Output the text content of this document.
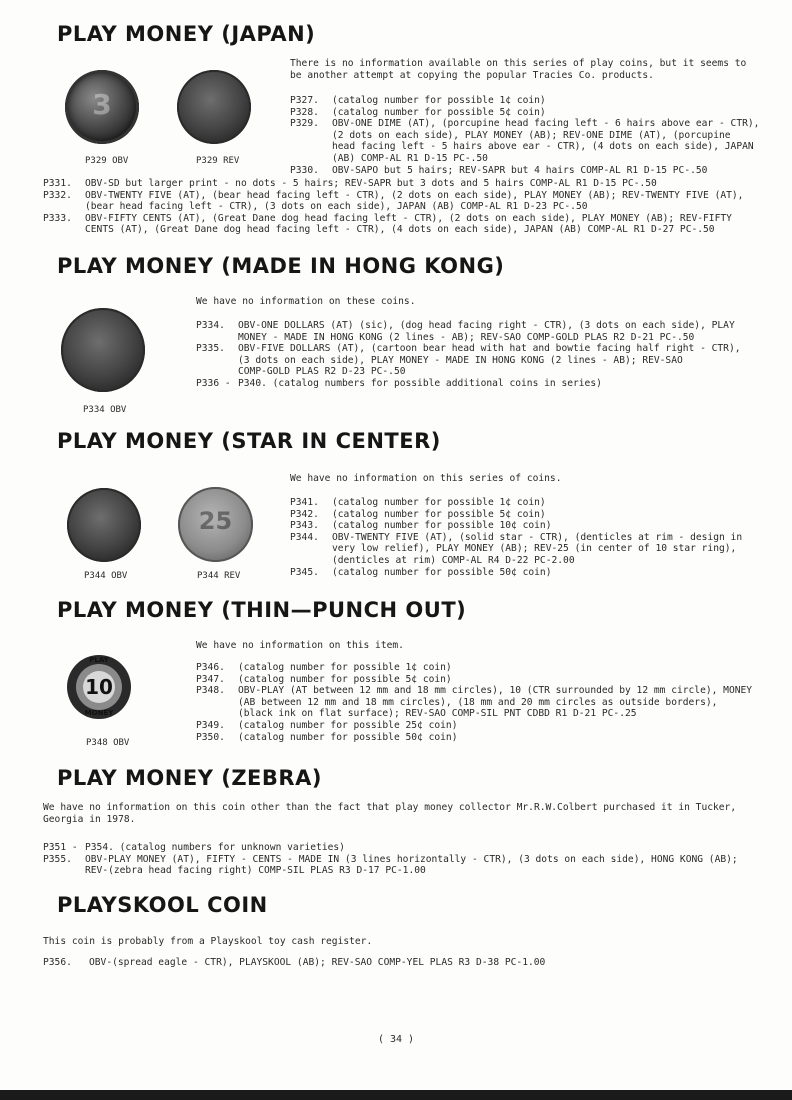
PLAY MONEY (JAPAN)
3
P329 OBV	P329 REV
There is no information available on this series of play coins, but it seems to
be another attempt at copying the popular Tracies Co. products.
P327. (catalog number for possible 1¢ coin)
P328. (catalog number for possible 5¢ coin)
P329. OBV-ONE DIME (AT), (porcupine head facing left - 6 hairs above ear - CTR),
(2 dots on each side), PLAY MONEY (AB); REV-ONE DIME (AT), (porcupine
head facing left - 5 hairs above ear - CTR), (4 dots on each side), JAPAN
(AB) COMP-AL R1 D-15 PC-.50
P330. OBV-SAPO but 5 hairs; REV-SAPR but 4 hairs COMP-AL R1 D-15 PC-.50
P331. OBV-SD but larger print - no dots - 5 hairs; REV-SAPR but 3 dots and 5 hairs COMP-AL R1 D-15 PC-.50
P332. OBV-TWENTY FIVE (AT), (bear head facing left - CTR), (2 dots on each side), PLAY MONEY (AB); REV-TWENTY FIVE (AT),
(bear head facing left - CTR), (3 dots on each side), JAPAN (AB) COMP-AL R1 D-23 PC-.50
P333. OBV-FIFTY CENTS (AT), (Great Dane dog head facing left - CTR), (2 dots on each side), PLAY MONEY (AB); REV-FIFTY
CENTS (AT), (Great Dane dog head facing left - CTR), (4 dots on each side), JAPAN (AB) COMP-AL R1 D-27 PC-.50
PLAY MONEY (MADE IN HONG KONG)
P334 OBV
We have no information on these coins.
P334. OBV-ONE DOLLARS (AT) (sic), (dog head facing right - CTR), (3 dots on each side), PLAY
MONEY - MADE IN HONG KONG (2 lines - AB); REV-SAO COMP-GOLD PLAS R2 D-21 PC-.50
P335. OBV-FIVE DOLLARS (AT), (cartoon bear head with hat and bowtie facing half right - CTR),
(3 dots on each side), PLAY MONEY - MADE IN HONG KONG (2 lines - AB); REV-SAO
COMP-GOLD PLAS R2 D-23 PC-.50
P336 - P340. (catalog numbers for possible additional coins in series)
PLAY MONEY (STAR IN CENTER)
25
P344 OBV	P344 REV
We have no information on this series of coins.
P341. (catalog number for possible 1¢ coin)
P342. (catalog number for possible 5¢ coin)
P343. (catalog number for possible 10¢ coin)
P344. OBV-TWENTY FIVE (AT), (solid star - CTR), (denticles at rim - design in
very low relief), PLAY MONEY (AB); REV-25 (in center of 10 star ring),
(denticles at rim) COMP-AL R4 D-22 PC-2.00
P345. (catalog number for possible 50¢ coin)
PLAY MONEY (THIN—PUNCH OUT)
PLAY
10
MONEY
P348 OBV
We have no information on this item.
P346. (catalog number for possible 1¢ coin)
P347. (catalog number for possible 5¢ coin)
P348. OBV-PLAY (AT between 12 mm and 18 mm circles), 10 (CTR surrounded by 12 mm circle), MONEY
(AB between 12 mm and 18 mm circles), (18 mm and 20 mm circles as outside borders),
(black ink on flat surface); REV-SAO COMP-SIL PNT CDBD R1 D-21 PC-.25
P349. (catalog number for possible 25¢ coin)
P350. (catalog number for possible 50¢ coin)
PLAY MONEY (ZEBRA)
We have no information on this coin other than the fact that play money collector Mr.R.W.Colbert purchased it in Tucker,
Georgia in 1978.
P351 - P354. (catalog numbers for unknown varieties)
P355. OBV-PLAY MONEY (AT), FIFTY - CENTS - MADE IN (3 lines horizontally - CTR), (3 dots on each side), HONG KONG (AB);
REV-(zebra head facing right) COMP-SIL PLAS R3 D-17 PC-1.00
PLAYSKOOL COIN
This coin is probably from a Playskool toy cash register.
P356. OBV-(spread eagle - CTR), PLAYSKOOL (AB); REV-SAO COMP-YEL PLAS R3 D-38 PC-1.00
( 34 )
